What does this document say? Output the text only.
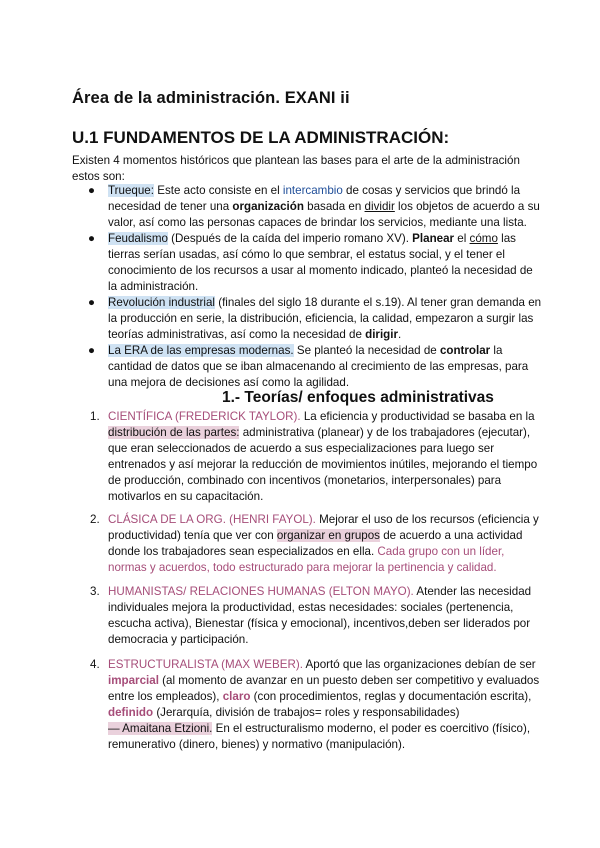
Área de la administración. EXANI ii
U.1 FUNDAMENTOS DE LA ADMINISTRACIÓN:
Existen 4 momentos históricos que plantean las bases para el arte de la administración estos son:
● Trueque: Este acto consiste en el intercambio de cosas y servicios que brindó la necesidad de tener una organización basada en dividir los objetos de acuerdo a su valor, así como las personas capaces de brindar los servicios, mediante una lista.
● Feudalismo (Después de la caída del imperio romano XV). Planear el cómo las tierras serían usadas, así cómo lo que sembrar, el estatus social, y el tener el conocimiento de los recursos a usar al momento indicado, planteó la necesidad de la administración.
● Revolución industrial (finales del siglo 18 durante el s.19). Al tener gran demanda en la producción en serie, la distribución, eficiencia, la calidad, empezaron a surgir las teorías administrativas, así como la necesidad de dirigir.
● La ERA de las empresas modernas. Se planteó la necesidad de controlar la cantidad de datos que se iban almacenando al crecimiento de las empresas, para una mejora de decisiones así como la agilidad.
1.- Teorías/ enfoques administrativas
1. CIENTÍFICA (FREDERICK TAYLOR). La eficiencia y productividad se basaba en la distribución de las partes: administrativa (planear) y de los trabajadores (ejecutar), que eran seleccionados de acuerdo a sus especializaciones para luego ser entrenados y así mejorar la reducción de movimientos inútiles, mejorando el tiempo de producción, combinado con incentivos (monetarios, interpersonales) para motivarlos en su capacitación.
2. CLÁSICA DE LA ORG. (HENRI FAYOL). Mejorar el uso de los recursos (eficiencia y productividad) tenía que ver con organizar en grupos de acuerdo a una actividad donde los trabajadores sean especializados en ella. Cada grupo con un líder, normas y acuerdos, todo estructurado para mejorar la pertinencia y calidad.
3. HUMANISTAS/ RELACIONES HUMANAS (ELTON MAYO). Atender las necesidad individuales mejora la productividad, estas necesidades: sociales (pertenencia, escucha activa), Bienestar (física y emocional), incentivos,deben ser liderados por democracia y participación.
4. ESTRUCTURALISTA (MAX WEBER). Aportó que las organizaciones debían de ser imparcial (al momento de avanzar en un puesto deben ser competitivo y evaluados entre los empleados), claro (con procedimientos, reglas y documentación escrita), definido (Jerarquía, división de trabajos= roles y responsabilidades)
— Amaitana Etzioni. En el estructuralismo moderno, el poder es coercitivo (físico), remunerativo (dinero, bienes) y normativo (manipulación).
